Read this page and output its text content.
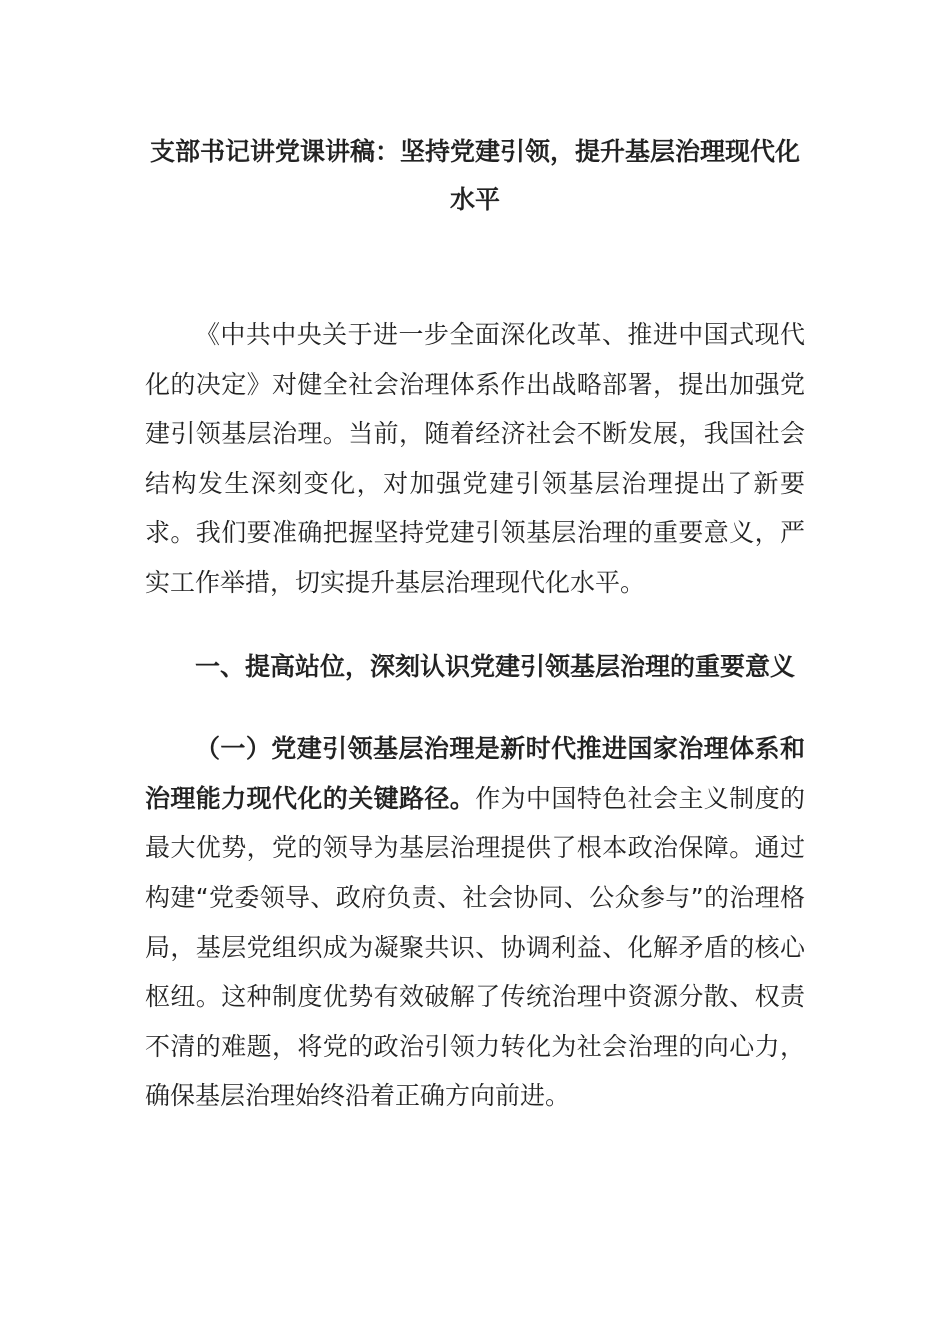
支部书记讲党课讲稿：坚持党建引领，提升基层治理现代化水平

《中共中央关于进一步全面深化改革、推进中国式现代化的决定》对健全社会治理体系作出战略部署，提出加强党建引领基层治理。当前，随着经济社会不断发展，我国社会结构发生深刻变化，对加强党建引领基层治理提出了新要求。我们要准确把握坚持党建引领基层治理的重要意义，严实工作举措，切实提升基层治理现代化水平。

一、提高站位，深刻认识党建引领基层治理的重要意义

（一）党建引领基层治理是新时代推进国家治理体系和治理能力现代化的关键路径。作为中国特色社会主义制度的最大优势，党的领导为基层治理提供了根本政治保障。通过构建“党委领导、政府负责、社会协同、公众参与”的治理格局，基层党组织成为凝聚共识、协调利益、化解矛盾的核心枢纽。这种制度优势有效破解了传统治理中资源分散、权责不清的难题，将党的政治引领力转化为社会治理的向心力，确保基层治理始终沿着正确方向前进。
